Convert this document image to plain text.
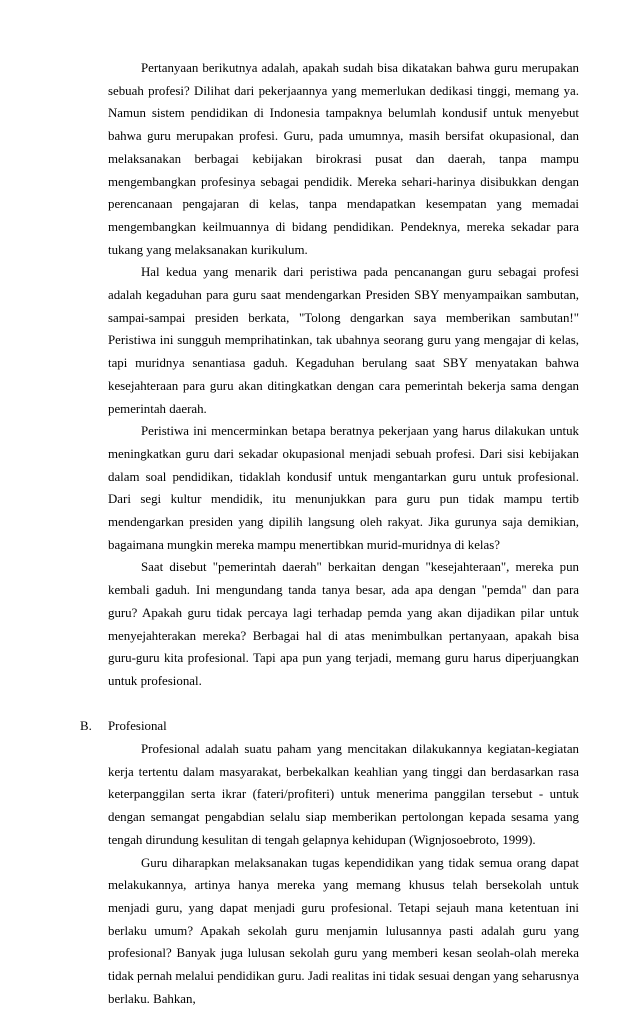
Pertanyaan berikutnya adalah, apakah sudah bisa dikatakan bahwa guru merupakan sebuah profesi? Dilihat dari pekerjaannya yang memerlukan dedikasi tinggi, memang ya. Namun sistem pendidikan di Indonesia tampaknya belumlah kondusif untuk menyebut bahwa guru merupakan profesi. Guru, pada umumnya, masih bersifat okupasional, dan melaksanakan berbagai kebijakan birokrasi pusat dan daerah, tanpa mampu mengembangkan profesinya sebagai pendidik. Mereka sehari-harinya disibukkan dengan perencanaan pengajaran di kelas, tanpa mendapatkan kesempatan yang memadai mengembangkan keilmuannya di bidang pendidikan. Pendeknya, mereka sekadar para tukang yang melaksanakan kurikulum.

Hal kedua yang menarik dari peristiwa pada pencanangan guru sebagai profesi adalah kegaduhan para guru saat mendengarkan Presiden SBY menyampaikan sambutan, sampai-sampai presiden berkata, "Tolong dengarkan saya memberikan sambutan!" Peristiwa ini sungguh memprihatinkan, tak ubahnya seorang guru yang mengajar di kelas, tapi muridnya senantiasa gaduh. Kegaduhan berulang saat SBY menyatakan bahwa kesejahteraan para guru akan ditingkatkan dengan cara pemerintah bekerja sama dengan pemerintah daerah.

Peristiwa ini mencerminkan betapa beratnya pekerjaan yang harus dilakukan untuk meningkatkan guru dari sekadar okupasional menjadi sebuah profesi. Dari sisi kebijakan dalam soal pendidikan, tidaklah kondusif untuk mengantarkan guru untuk profesional. Dari segi kultur mendidik, itu menunjukkan para guru pun tidak mampu tertib mendengarkan presiden yang dipilih langsung oleh rakyat. Jika gurunya saja demikian, bagaimana mungkin mereka mampu menertibkan murid-muridnya di kelas?

Saat disebut "pemerintah daerah" berkaitan dengan "kesejahteraan", mereka pun kembali gaduh. Ini mengundang tanda tanya besar, ada apa dengan "pemda" dan para guru? Apakah guru tidak percaya lagi terhadap pemda yang akan dijadikan pilar untuk menyejahterakan mereka? Berbagai hal di atas menimbulkan pertanyaan, apakah bisa guru-guru kita profesional. Tapi apa pun yang terjadi, memang guru harus diperjuangkan untuk profesional.

B. Profesional

Profesional adalah suatu paham yang mencitakan dilakukannya kegiatan-kegiatan kerja tertentu dalam masyarakat, berbekalkan keahlian yang tinggi dan berdasarkan rasa keterpanggilan serta ikrar (fateri/profiteri) untuk menerima panggilan tersebut - untuk dengan semangat pengabdian selalu siap memberikan pertolongan kepada sesama yang tengah dirundung kesulitan di tengah gelapnya kehidupan (Wignjosoebroto, 1999).

Guru diharapkan melaksanakan tugas kependidikan yang tidak semua orang dapat melakukannya, artinya hanya mereka yang memang khusus telah bersekolah untuk menjadi guru, yang dapat menjadi guru profesional. Tetapi sejauh mana ketentuan ini berlaku umum? Apakah sekolah guru menjamin lulusannya pasti adalah guru yang profesional? Banyak juga lulusan sekolah guru yang memberi kesan seolah-olah mereka tidak pernah melalui pendidikan guru. Jadi realitas ini tidak sesuai dengan yang seharusnya berlaku. Bahkan,
